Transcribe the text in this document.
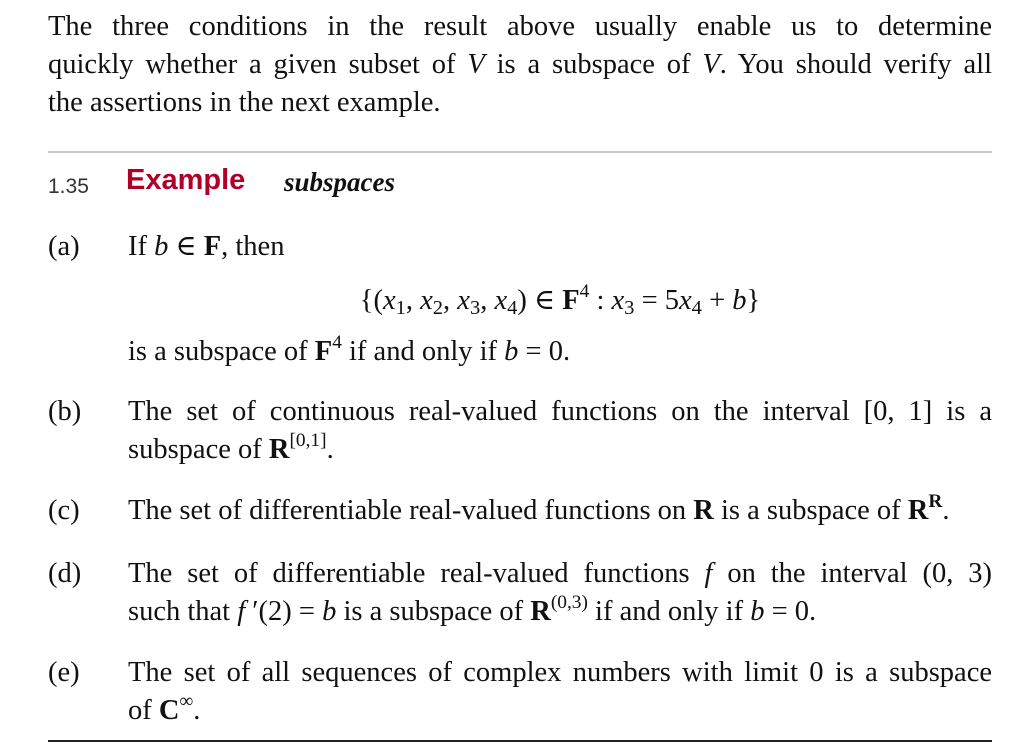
The three conditions in the result above usually enable us to determine
quickly whether a given subset of V is a subspace of V. You should verify all
the assertions in the next example.
1.35 Example subspaces
(a) If b ∈ F, then
{($x_1$, $x_2$, $x_3$, $x_4$) ∈ $F^4$ : $x_3 = 5x_4 + b$}
is a subspace of $F^4$ if and only if b = 0.
(b) The set of continuous real-valued functions on the interval [0, 1] is a
subspace of R[0,1].
(c) The set of differentiable real-valued functions on R is a subspace of $R^R$.
(d) The set of differentiable real-valued functions f on the interval (0, 3)
such that f ′(2) = b is a subspace of R$^{(0,3)}$ if and only if b = 0.
(e) The set of all sequences of complex numbers with limit 0 is a subspace
of C∞.
